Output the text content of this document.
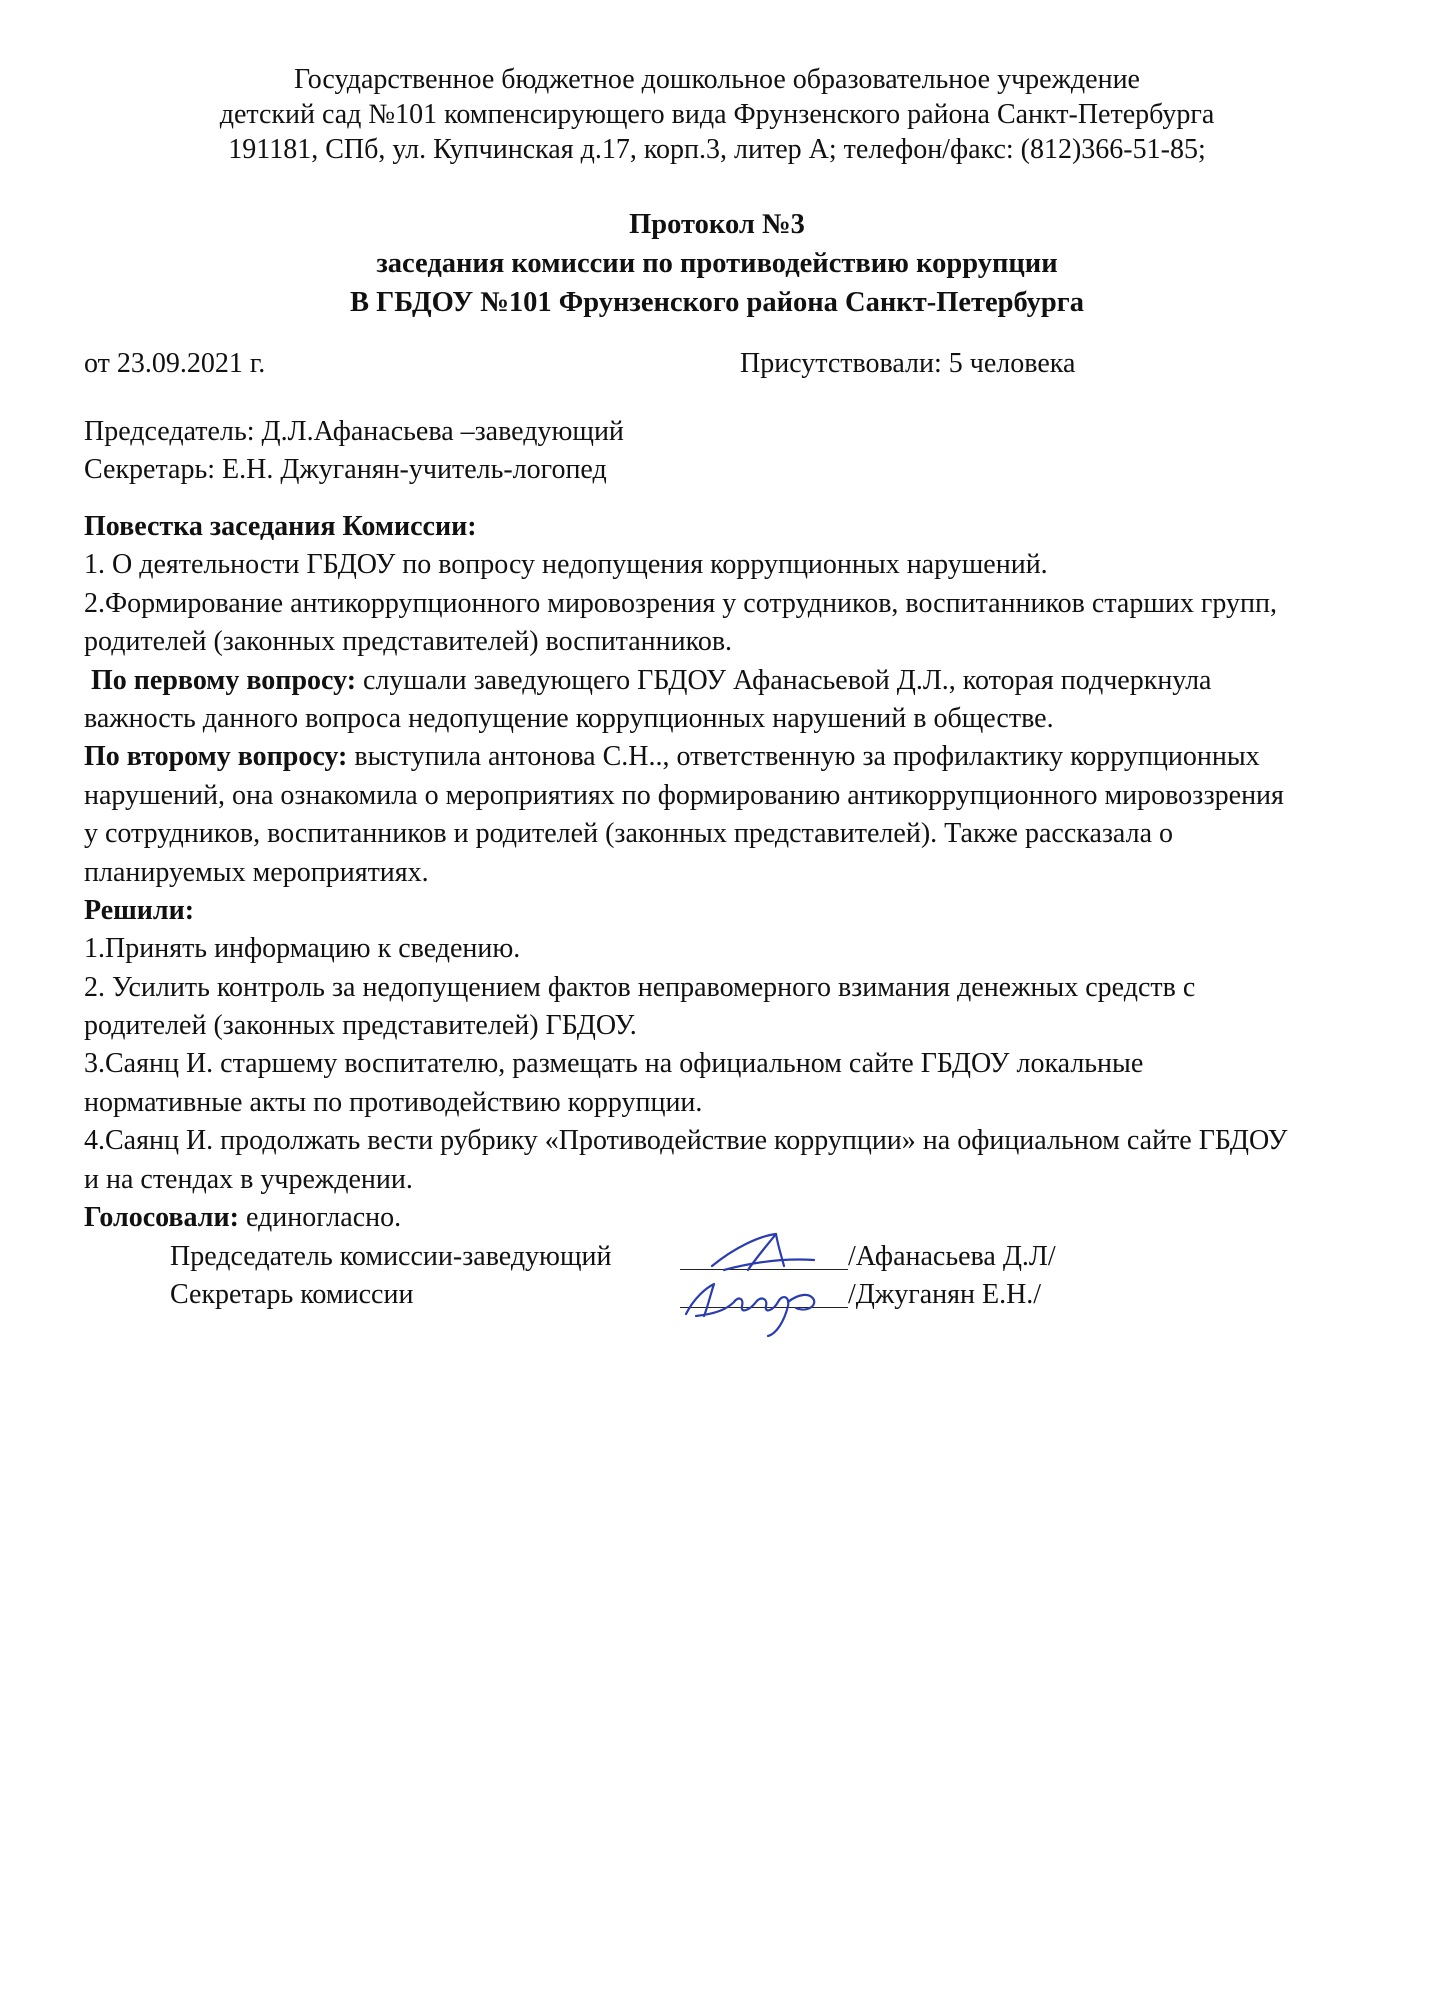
Государственное бюджетное дошкольное образовательное учреждение
детский сад №101 компенсирующего вида Фрунзенского района Санкт-Петербурга
191181, СПб, ул. Купчинская д.17, корп.3, литер А; телефон/факс: (812)366-51-85;
Протокол №3
заседания комиссии по противодействию коррупции
В ГБДОУ №101 Фрунзенского района Санкт-Петербурга
от 23.09.2021 г.	Присутствовали: 5 человека
Председатель: Д.Л.Афанасьева –заведующий
Секретарь: Е.Н. Джуганян-учитель-логопед
Повестка заседания Комиссии:
1. О деятельности ГБДОУ по вопросу недопущения коррупционных нарушений.
2.Формирование антикоррупционного мировозрения у сотрудников, воспитанников старших групп,
родителей (законных представителей) воспитанников.
По первому вопросу: слушали заведующего ГБДОУ Афанасьевой Д.Л., которая подчеркнула
важность данного вопроса недопущение коррупционных нарушений в обществе.
По второму вопросу: выступила антонова С.Н.., ответственную за профилактику коррупционных
нарушений, она ознакомила о мероприятиях по формированию антикоррупционного мировоззрения
у сотрудников, воспитанников и родителей (законных представителей). Также рассказала о
планируемых мероприятиях.
Решили:
1.Принять информацию к сведению.
2. Усилить контроль за недопущением фактов неправомерного взимания денежных средств с
родителей (законных представителей) ГБДОУ.
3.Саянц И. старшему воспитателю, размещать на официальном сайте ГБДОУ локальные
нормативные акты по противодействию коррупции.
4.Саянц И. продолжать вести рубрику «Противодействие коррупции» на официальном сайте ГБДОУ
и на стендах в учреждении.
Голосовали: единогласно.
Председатель комиссии-заведующий
Секретарь комиссии
/Афанасьева Д.Л/
/Джуганян Е.Н./
